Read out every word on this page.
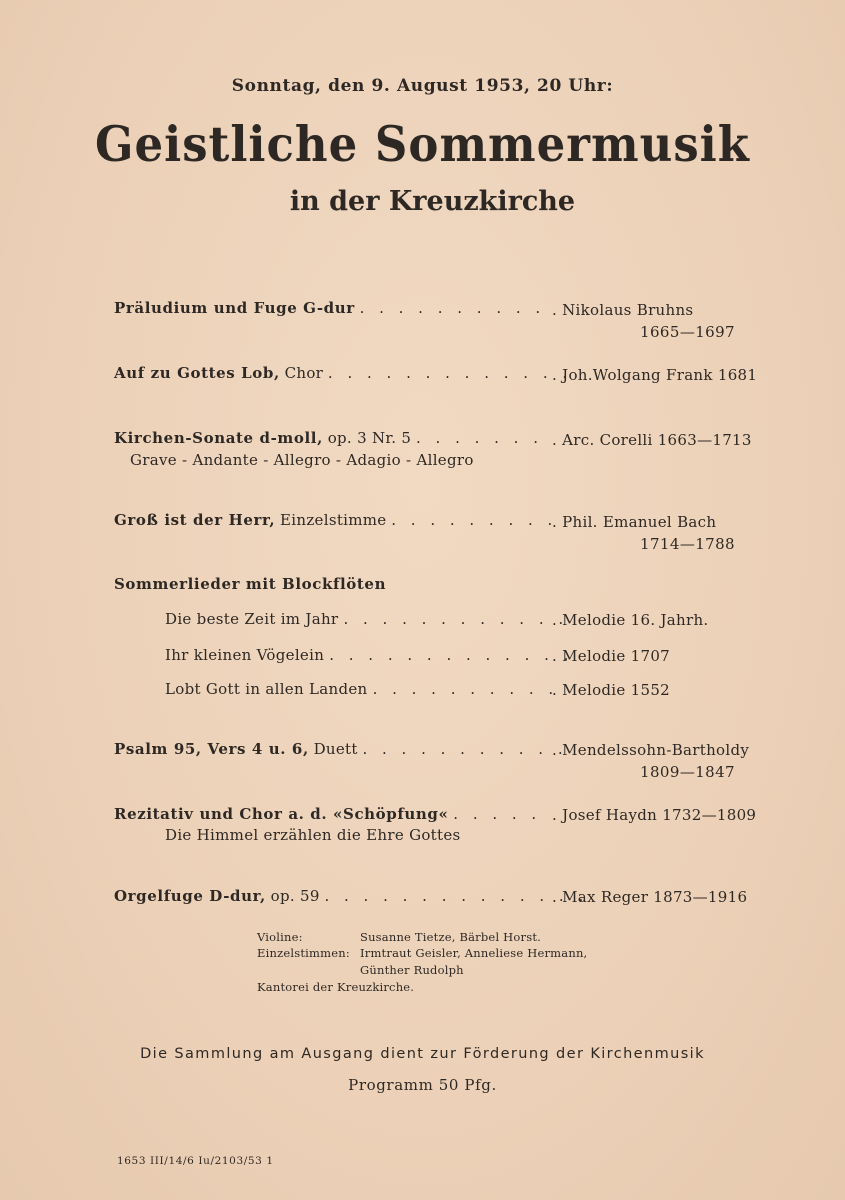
Sonntag, den 9. August 1953, 20 Uhr:
Geistliche Sommermusik
in der Kreuzkirche
Präludium und Fuge G-dur . . . . . . . . . . . Nikolaus Bruhns
1665—1697
Auf zu Gottes Lob, Chor . . . . . . . . . . . . .
. Joh.Wolgang Frank 1681
Kirchen-Sonate d-moll, op. 3 Nr. 5 . . . . . . . . Arc. Corelli 1663—1713
Grave - Andante - Allegro - Adagio - Allegro
Groß ist der Herr, Einzelstimme . . . . . . . . .
. Phil. Emanuel Bach
1714—1788
Sommerlieder mit Blockflöten
Die beste Zeit im Jahr . . . . . . . . . . . .
. Melodie 16. Jahrh.
Ihr kleinen Vögelein . . . . . . . . . . . . .
. Melodie 1707
Lobt Gott in allen Landen . . . . . . . . . .
. Melodie 1552
Psalm 95, Vers 4 u. 6, Duett . . . . . . . . . . .
. Mendelssohn-Bartholdy
1809—1847
Rezitativ und Chor a. d. «Schöpfung« . . . . . . Josef Haydn 1732—1809
Die Himmel erzählen die Ehre Gottes
Orgelfuge D-dur, op. 59 . . . . . . . . . . . . . .
. Max Reger 1873—1916
Violine:	Susanne Tietze, Bärbel Horst.
Einzelstimmen: Irmtraut Geisler, Anneliese Hermann,
Günther Rudolph
Kantorei der Kreuzkirche.
Die Sammlung am Ausgang dient zur Förderung der Kirchenmusik
Programm 50 Pfg.
1653 III/14/6 Iu/2103/53 1
